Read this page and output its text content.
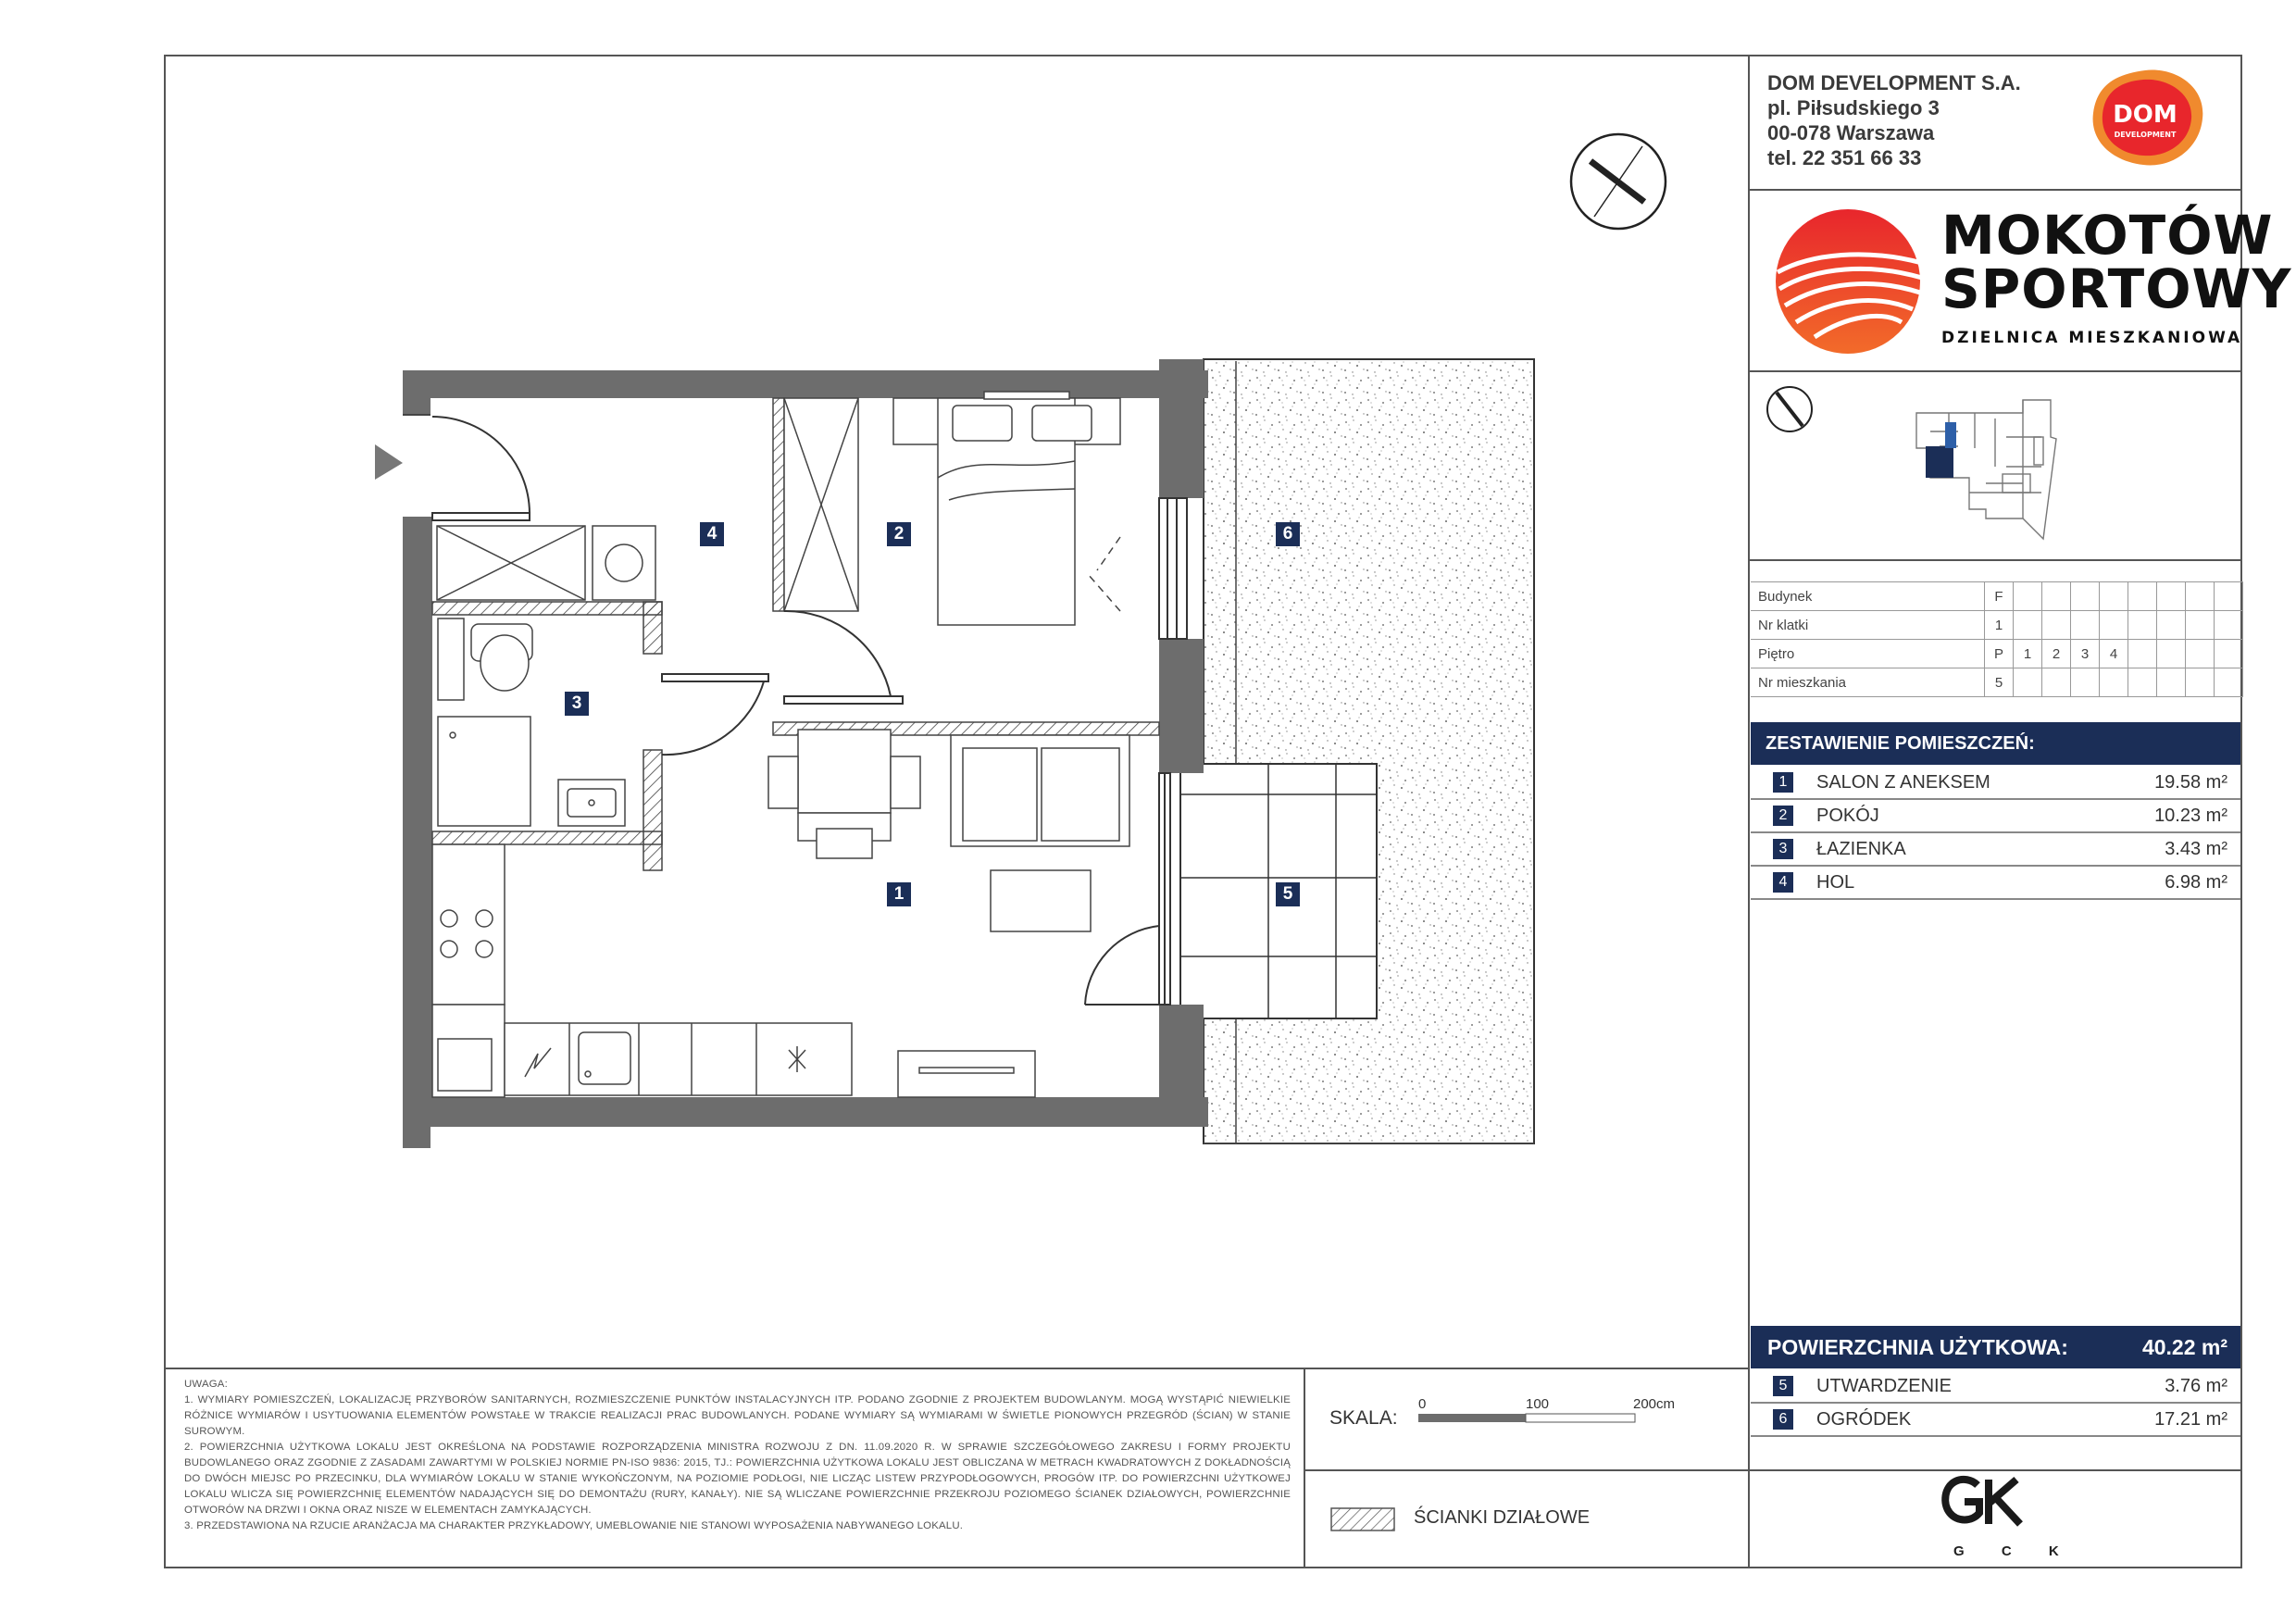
DOM DEVELOPMENT S.A.
pl. Piłsudskiego 3
00-078 Warszawa
tel. 22 351 66 33
DOM
DEVELOPMENT
MOKOTÓW
SPORTOWY
DZIELNICA MIESZKANIOWA
Budynek	F								
Nr klatki	1								
Piętro	P	1	2	3	4				
Nr mieszkania	5								
ZESTAWIENIE POMIESZCZEŃ:
1	SALON Z ANEKSEM	19.58 m²
2	POKÓJ	10.23 m²
3	ŁAZIENKA	3.43 m²
4	HOL	6.98 m²
POWIERZCHNIA UŻYTKOWA:	40.22 m²
5	UTWARDZENIE	3.76 m²
6	OGRÓDEK	17.21 m²
G C K

UWAGA:

1. WYMIARY POMIESZCZEŃ, LOKALIZACJĘ PRZYBORÓW SANITARNYCH, ROZMIESZCZENIE PUNKTÓW INSTALACYJNYCH ITP. PODANO ZGODNIE Z PROJEKTEM BUDOWLANYM. MOGĄ WYSTĄPIĆ NIEWIELKIE RÓŻNICE WYMIARÓW I USYTUOWANIA ELEMENTÓW POWSTAŁE W TRAKCIE REALIZACJI PRAC BUDOWLANYCH. PODANE WYMIARY SĄ WYMIARAMI W ŚWIETLE PIONOWYCH PRZEGRÓD (ŚCIAN) W STANIE SUROWYM.

2. POWIERZCHNIA UŻYTKOWA LOKALU JEST OKREŚLONA NA PODSTAWIE ROZPORZĄDZENIA MINISTRA ROZWOJU Z DN. 11.09.2020 R. W SPRAWIE SZCZEGÓŁOWEGO ZAKRESU I FORMY PROJEKTU BUDOWLANEGO ORAZ ZGODNIE Z ZASADAMI ZAWARTYMI W POLSKIEJ NORMIE PN-ISO 9836: 2015, TJ.: POWIERZCHNIA UŻYTKOWA LOKALU JEST OBLICZANA W METRACH KWADRATOWYCH Z DOKŁADNOŚCIĄ DO DWÓCH MIEJSC PO PRZECINKU, DLA WYMIARÓW LOKALU W STANIE WYKOŃCZONYM, NA POZIOMIE PODŁOGI, NIE LICZĄC LISTEW PRZYPODŁOGOWYCH, PROGÓW ITP. DO POWIERZCHNI UŻYTKOWEJ LOKALU WLICZA SIĘ POWIERZCHNIĘ ELEMENTÓW NADAJĄCYCH SIĘ DO DEMONTAŻU (RURY, KANAŁY). NIE SĄ WLICZANE POWIERZCHNIE PRZEKROJU POZIOMEGO ŚCIANEK DZIAŁOWYCH, POWIERZCHNIE OTWORÓW NA DRZWI I OKNA ORAZ NISZE W ELEMENTACH ZAMYKAJĄCYCH.

3. PRZEDSTAWIONA NA RZUCIE ARANŻACJA MA CHARAKTER PRZYKŁADOWY, UMEBLOWANIE NIE STANOWI WYPOSAŻENIA NABYWANEGO LOKALU.

SKALA:
0	100	200cm
ŚCIANKI DZIAŁOWE
1
2
3
4
5
6
